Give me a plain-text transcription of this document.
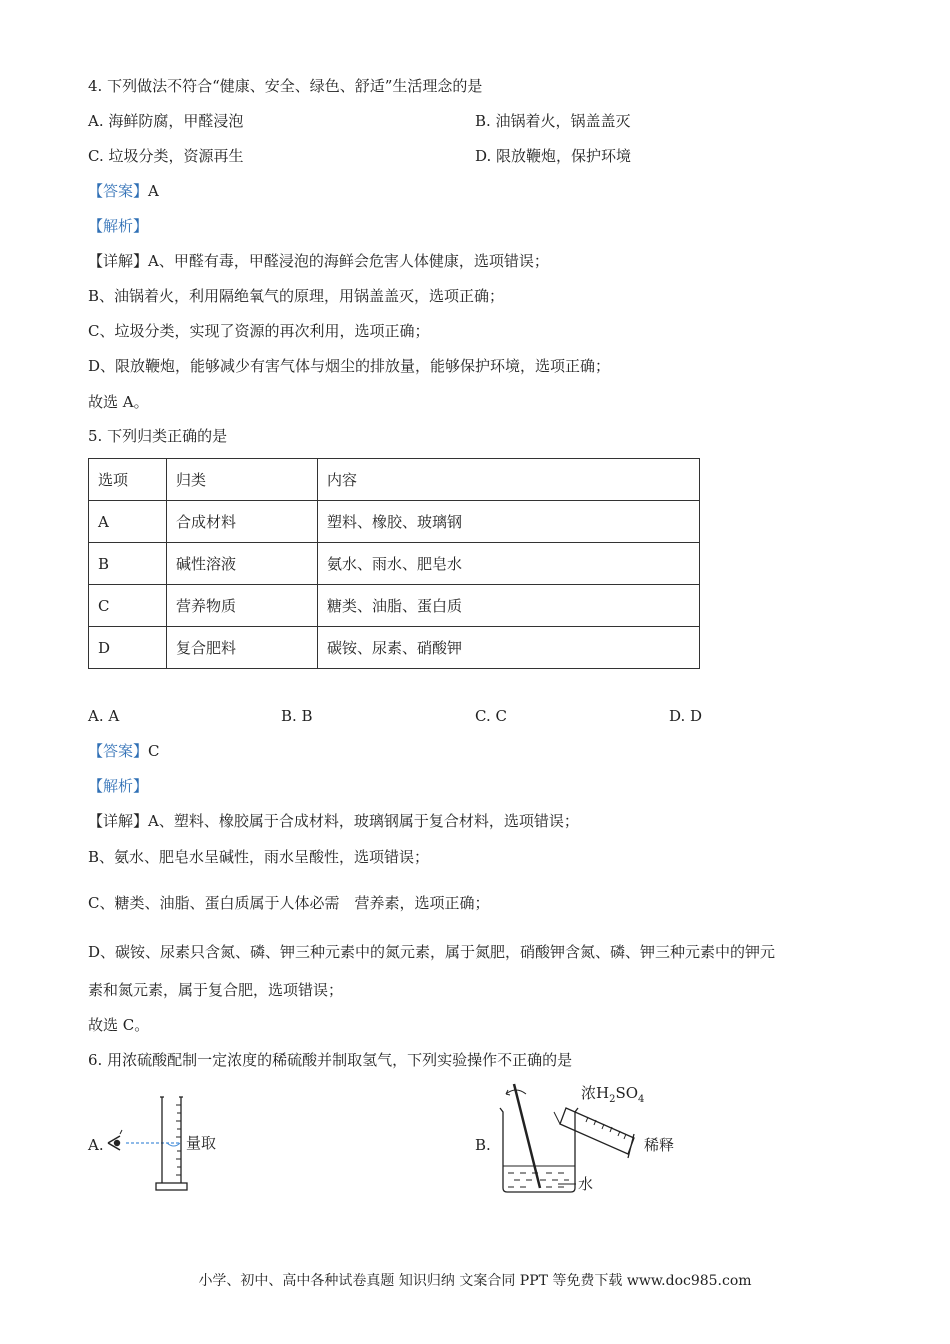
4. 下列做法不符合“健康、安全、绿色、舒适”生活理念的是
A. 海鲜防腐，甲醛浸泡	B. 油锅着火，锅盖盖灭
C. 垃圾分类，资源再生	D. 限放鞭炮，保护环境
【答案】A
【解析】
【详解】A、甲醛有毒，甲醛浸泡的海鲜会危害人体健康，选项错误；
B、油锅着火，利用隔绝氧气的原理，用锅盖盖灭，选项正确；
C、垃圾分类，实现了资源的再次利用，选项正确；
D、限放鞭炮，能够减少有害气体与烟尘的排放量，能够保护环境，选项正确；
故选 A。
5. 下列归类正确的是
选项	归类	内容
A	合成材料	塑料、橡胶、玻璃钢
B	碱性溶液	氨水、雨水、肥皂水
C	营养物质	糖类、油脂、蛋白质
D	复合肥料	碳铵、尿素、硝酸钾
A. A	B. B	C. C	D. D
【答案】C
【解析】
【详解】A、塑料、橡胶属于合成材料，玻璃钢属于复合材料，选项错误；
B、氨水、肥皂水呈碱性，雨水呈酸性，选项错误；
C、糖类、油脂、蛋白质属于人体必需　营养素，选项正确；
D、碳铵、尿素只含氮、磷、钾三种元素中的氮元素，属于氮肥，硝酸钾含氮、磷、钾三种元素中的钾元
素和氮元素，属于复合肥，选项错误；
故选 C。
6. 用浓硫酸配制一定浓度的稀硫酸并制取氢气，下列实验操作不正确的是
A.	量取	B.
浓$H_2SO_4$
稀释
水
小学、初中、高中各种试卷真题 知识归纳 文案合同 PPT 等免费下载 www.doc985.com
